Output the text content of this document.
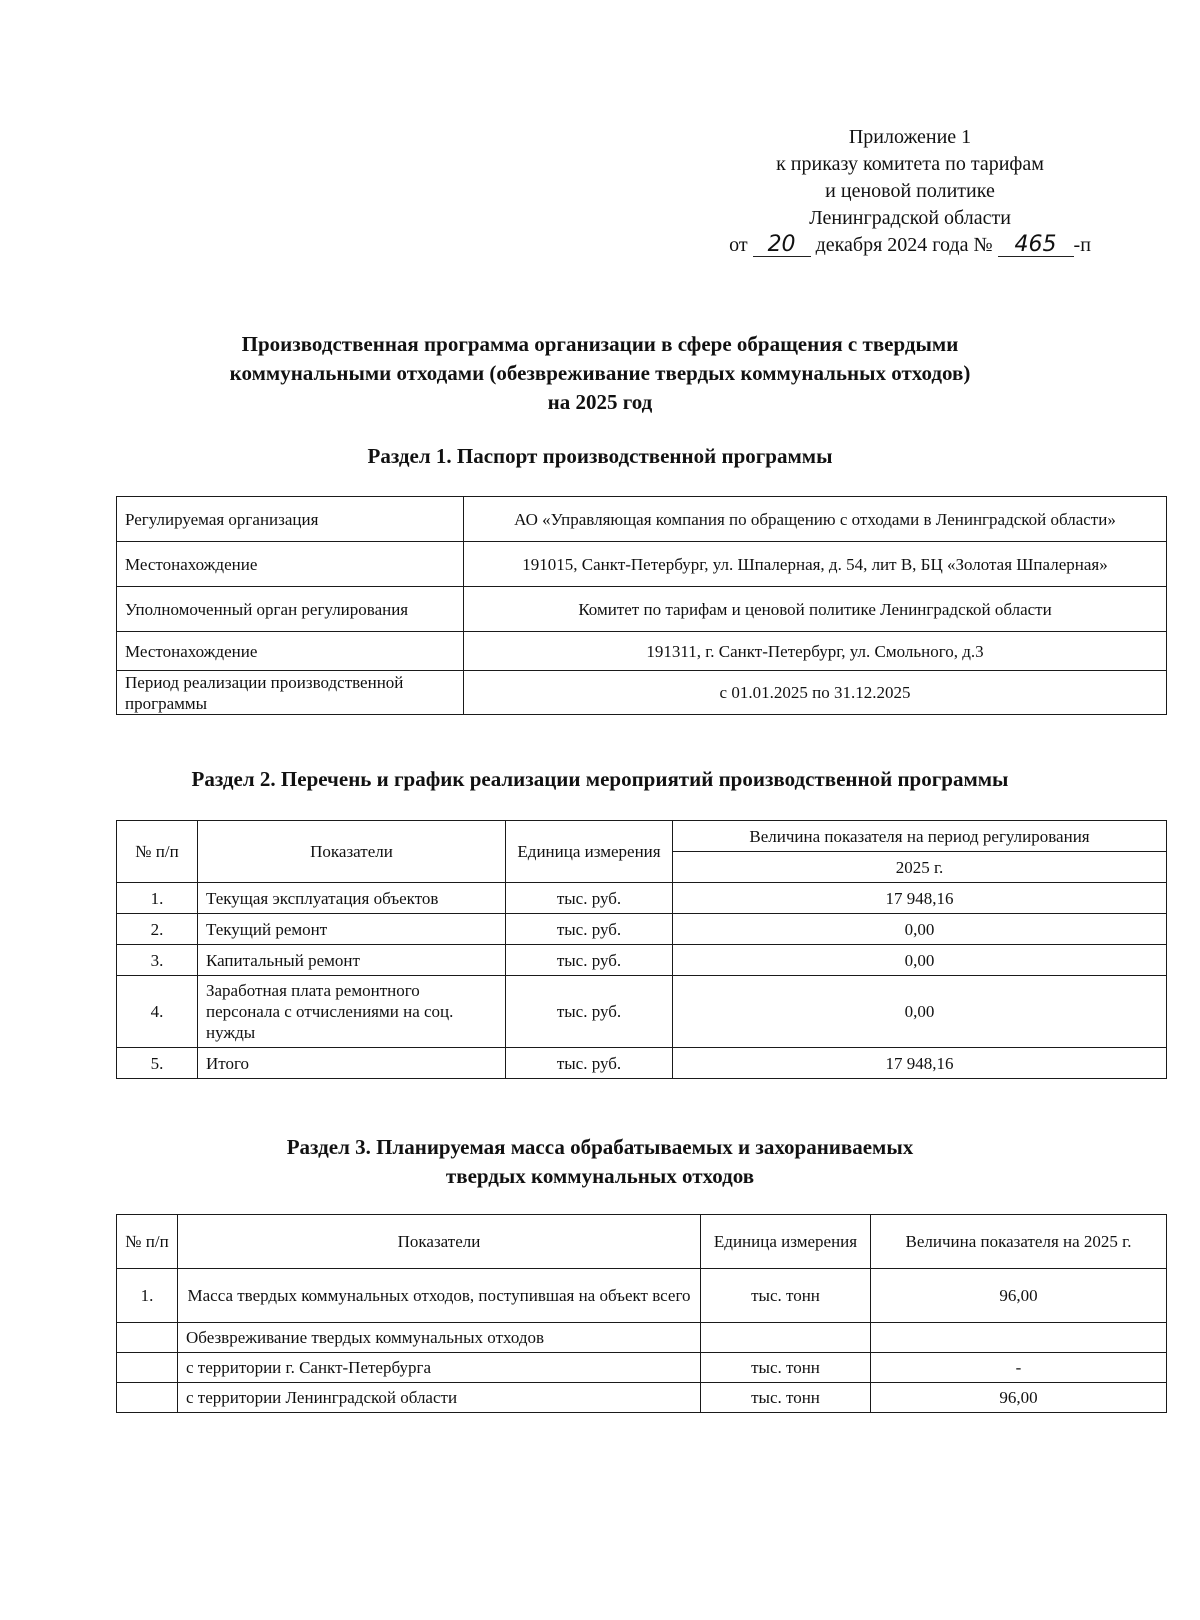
Приложение 1
к приказу комитета по тарифам
и ценовой политике
Ленинградской области
от 20 декабря 2024 года № 465 -п
Производственная программа организации в сфере обращения с твердыми
коммунальными отходами (обезвреживание твердых коммунальных отходов)
на 2025 год
Раздел 1. Паспорт производственной программы
Регулируемая организация	АО «Управляющая компания по обращению с отходами в Ленинградской области»
Местонахождение	191015, Санкт-Петербург, ул. Шпалерная, д. 54, лит В, БЦ «Золотая Шпалерная»
Уполномоченный орган регулирования	Комитет по тарифам и ценовой политике Ленинградской области
Местонахождение	191311, г. Санкт-Петербург, ул. Смольного, д.3
Период реализации производственной программы	с 01.01.2025 по 31.12.2025
Раздел 2. Перечень и график реализации мероприятий производственной программы
№ п/п	Показатели	Единица измерения	Величина показателя на период регулирования
			2025 г.
1.	Текущая эксплуатация объектов	тыс. руб.	17 948,16
2.	Текущий ремонт	тыс. руб.	0,00
3.	Капитальный ремонт	тыс. руб.	0,00
4.	Заработная плата ремонтного персонала с отчислениями на соц. нужды	тыс. руб.	0,00
5.	Итого	тыс. руб.	17 948,16
Раздел 3. Планируемая масса обрабатываемых и захораниваемых
твердых коммунальных отходов
№ п/п	Показатели	Единица измерения	Величина показателя на 2025 г.
1.	Масса твердых коммунальных отходов, поступившая на объект всего	тыс. тонн	96,00
	Обезвреживание твердых коммунальных отходов		
	с территории г. Санкт-Петербурга	тыс. тонн	-
	с территории Ленинградской области	тыс. тонн	96,00
